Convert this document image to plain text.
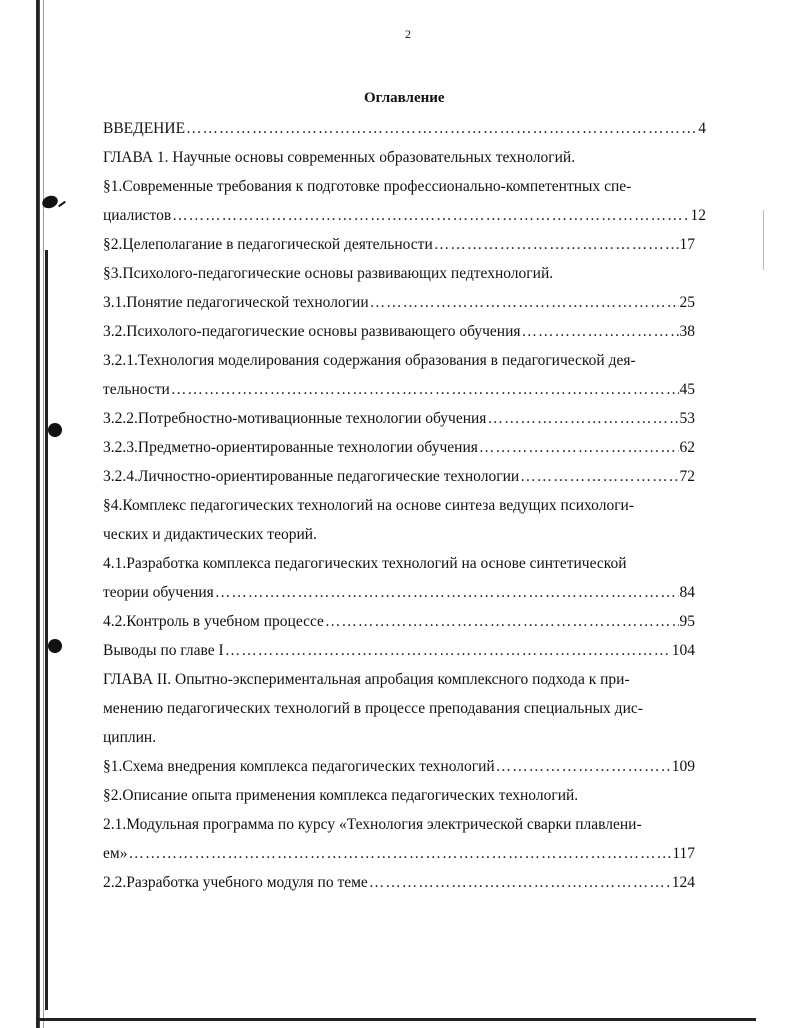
2
Оглавление
ВВЕДЕНИЕ ……………………………………………………………………………………………………………………………………………	4
ГЛАВА 1. Научные основы современных образовательных технологий.
§1.Современные требования к подготовке профессионально-компетентных спе-
циалистов ……………………………………………………………………………………………………………………………………………	12
§2.Целеполагание в педагогической деятельности ……………………………………………………………………………………………………………………………………………	17
§3.Психолого-педагогические основы развивающих педтехнологий.
3.1.Понятие педагогической технологии ……………………………………………………………………………………………………………………………………………	25
3.2.Психолого-педагогические основы развивающего обучения ……………………………………………………………………………………………………………………………………………	38
3.2.1.Технология моделирования содержания образования в педагогической дея-
тельности ……………………………………………………………………………………………………………………………………………	45
3.2.2.Потребностно-мотивационные технологии обучения ……………………………………………………………………………………………………………………………………………	53
3.2.3.Предметно-ориентированные технологии обучения ……………………………………………………………………………………………………………………………………………	62
3.2.4.Личностно-ориентированные педагогические технологии ……………………………………………………………………………………………………………………………………………	72
§4.Комплекс педагогических технологий на основе синтеза ведущих психологи-
ческих и дидактических теорий.
4.1.Разработка комплекса педагогических технологий на основе синтетической
теории обучения ……………………………………………………………………………………………………………………………………………	84
4.2.Контроль в учебном процессе ……………………………………………………………………………………………………………………………………………	95
Выводы по главе I ……………………………………………………………………………………………………………………………………………	104
ГЛАВА II. Опытно-экспериментальная апробация комплексного подхода к при-
менению педагогических технологий в процессе преподавания специальных дис-
циплин.
§1.Схема внедрения комплекса педагогических технологий ……………………………………………………………………………………………………………………………………………	109
§2.Описание опыта применения комплекса педагогических технологий.
2.1.Модульная программа по курсу «Технология электрической сварки плавлени-
ем» ……………………………………………………………………………………………………………………………………………	117
2.2.Разработка учебного модуля по теме ……………………………………………………………………………………………………………………………………………	124
